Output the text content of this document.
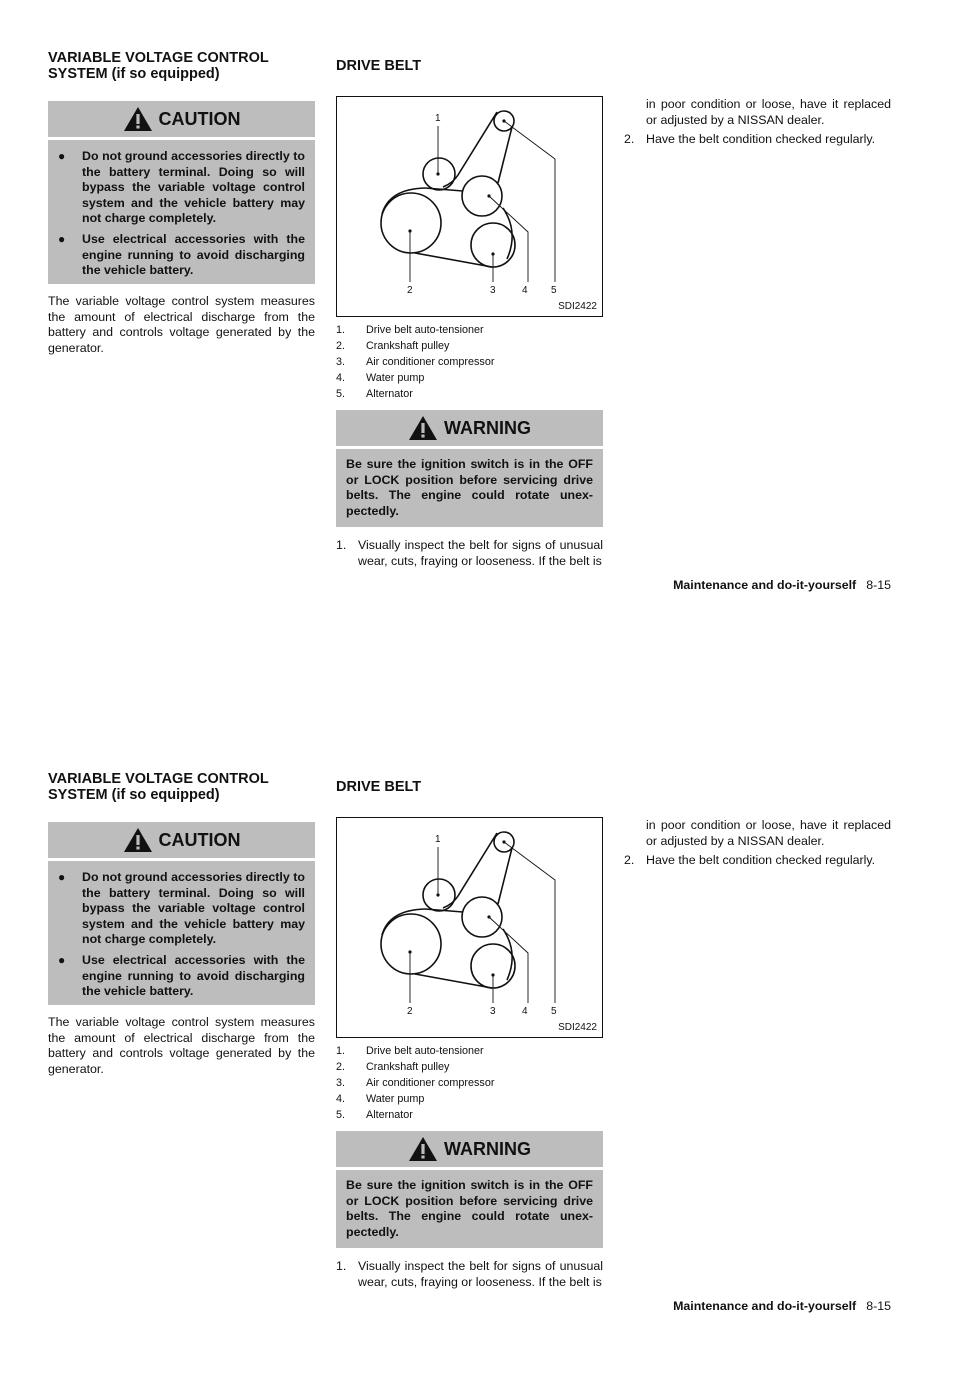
VARIABLE VOLTAGE CONTROL
SYSTEM (if so equipped)
CAUTION
●	Do not ground accessories directly to the battery terminal. Doing so will bypass the variable voltage control system and the vehicle battery may not charge completely.
●	Use electrical accessories with the engine running to avoid discharging the vehicle battery.

The variable voltage control system measures the amount of electrical discharge from the battery and controls voltage generated by the generator.

DRIVE BELT
1
2	3	4 5
SDI2422
1.	Drive belt auto-tensioner
2.	Crankshaft pulley
3.	Air conditioner compressor
4.	Water pump
5.	Alternator
WARNING
Be sure the ignition switch is in the OFF or LOCK position before servicing drive belts. The engine could rotate unex-pectedly.
1. Visually inspect the belt for signs of unusual wear, cuts, fraying or looseness. If the belt is
in poor condition or loose, have it replaced or adjusted by a NISSAN dealer.
2. Have the belt condition checked regularly.
Maintenance and do-it-yourself 8-15
VARIABLE VOLTAGE CONTROL
SYSTEM (if so equipped)
CAUTION
●	Do not ground accessories directly to the battery terminal. Doing so will bypass the variable voltage control system and the vehicle battery may not charge completely.
●	Use electrical accessories with the engine running to avoid discharging the vehicle battery.

The variable voltage control system measures the amount of electrical discharge from the battery and controls voltage generated by the generator.

DRIVE BELT
1
2	3	4 5
SDI2422
1.	Drive belt auto-tensioner
2.	Crankshaft pulley
3.	Air conditioner compressor
4.	Water pump
5.	Alternator
WARNING
Be sure the ignition switch is in the OFF or LOCK position before servicing drive belts. The engine could rotate unex-pectedly.
1. Visually inspect the belt for signs of unusual wear, cuts, fraying or looseness. If the belt is
in poor condition or loose, have it replaced or adjusted by a NISSAN dealer.
2. Have the belt condition checked regularly.
Maintenance and do-it-yourself 8-15
